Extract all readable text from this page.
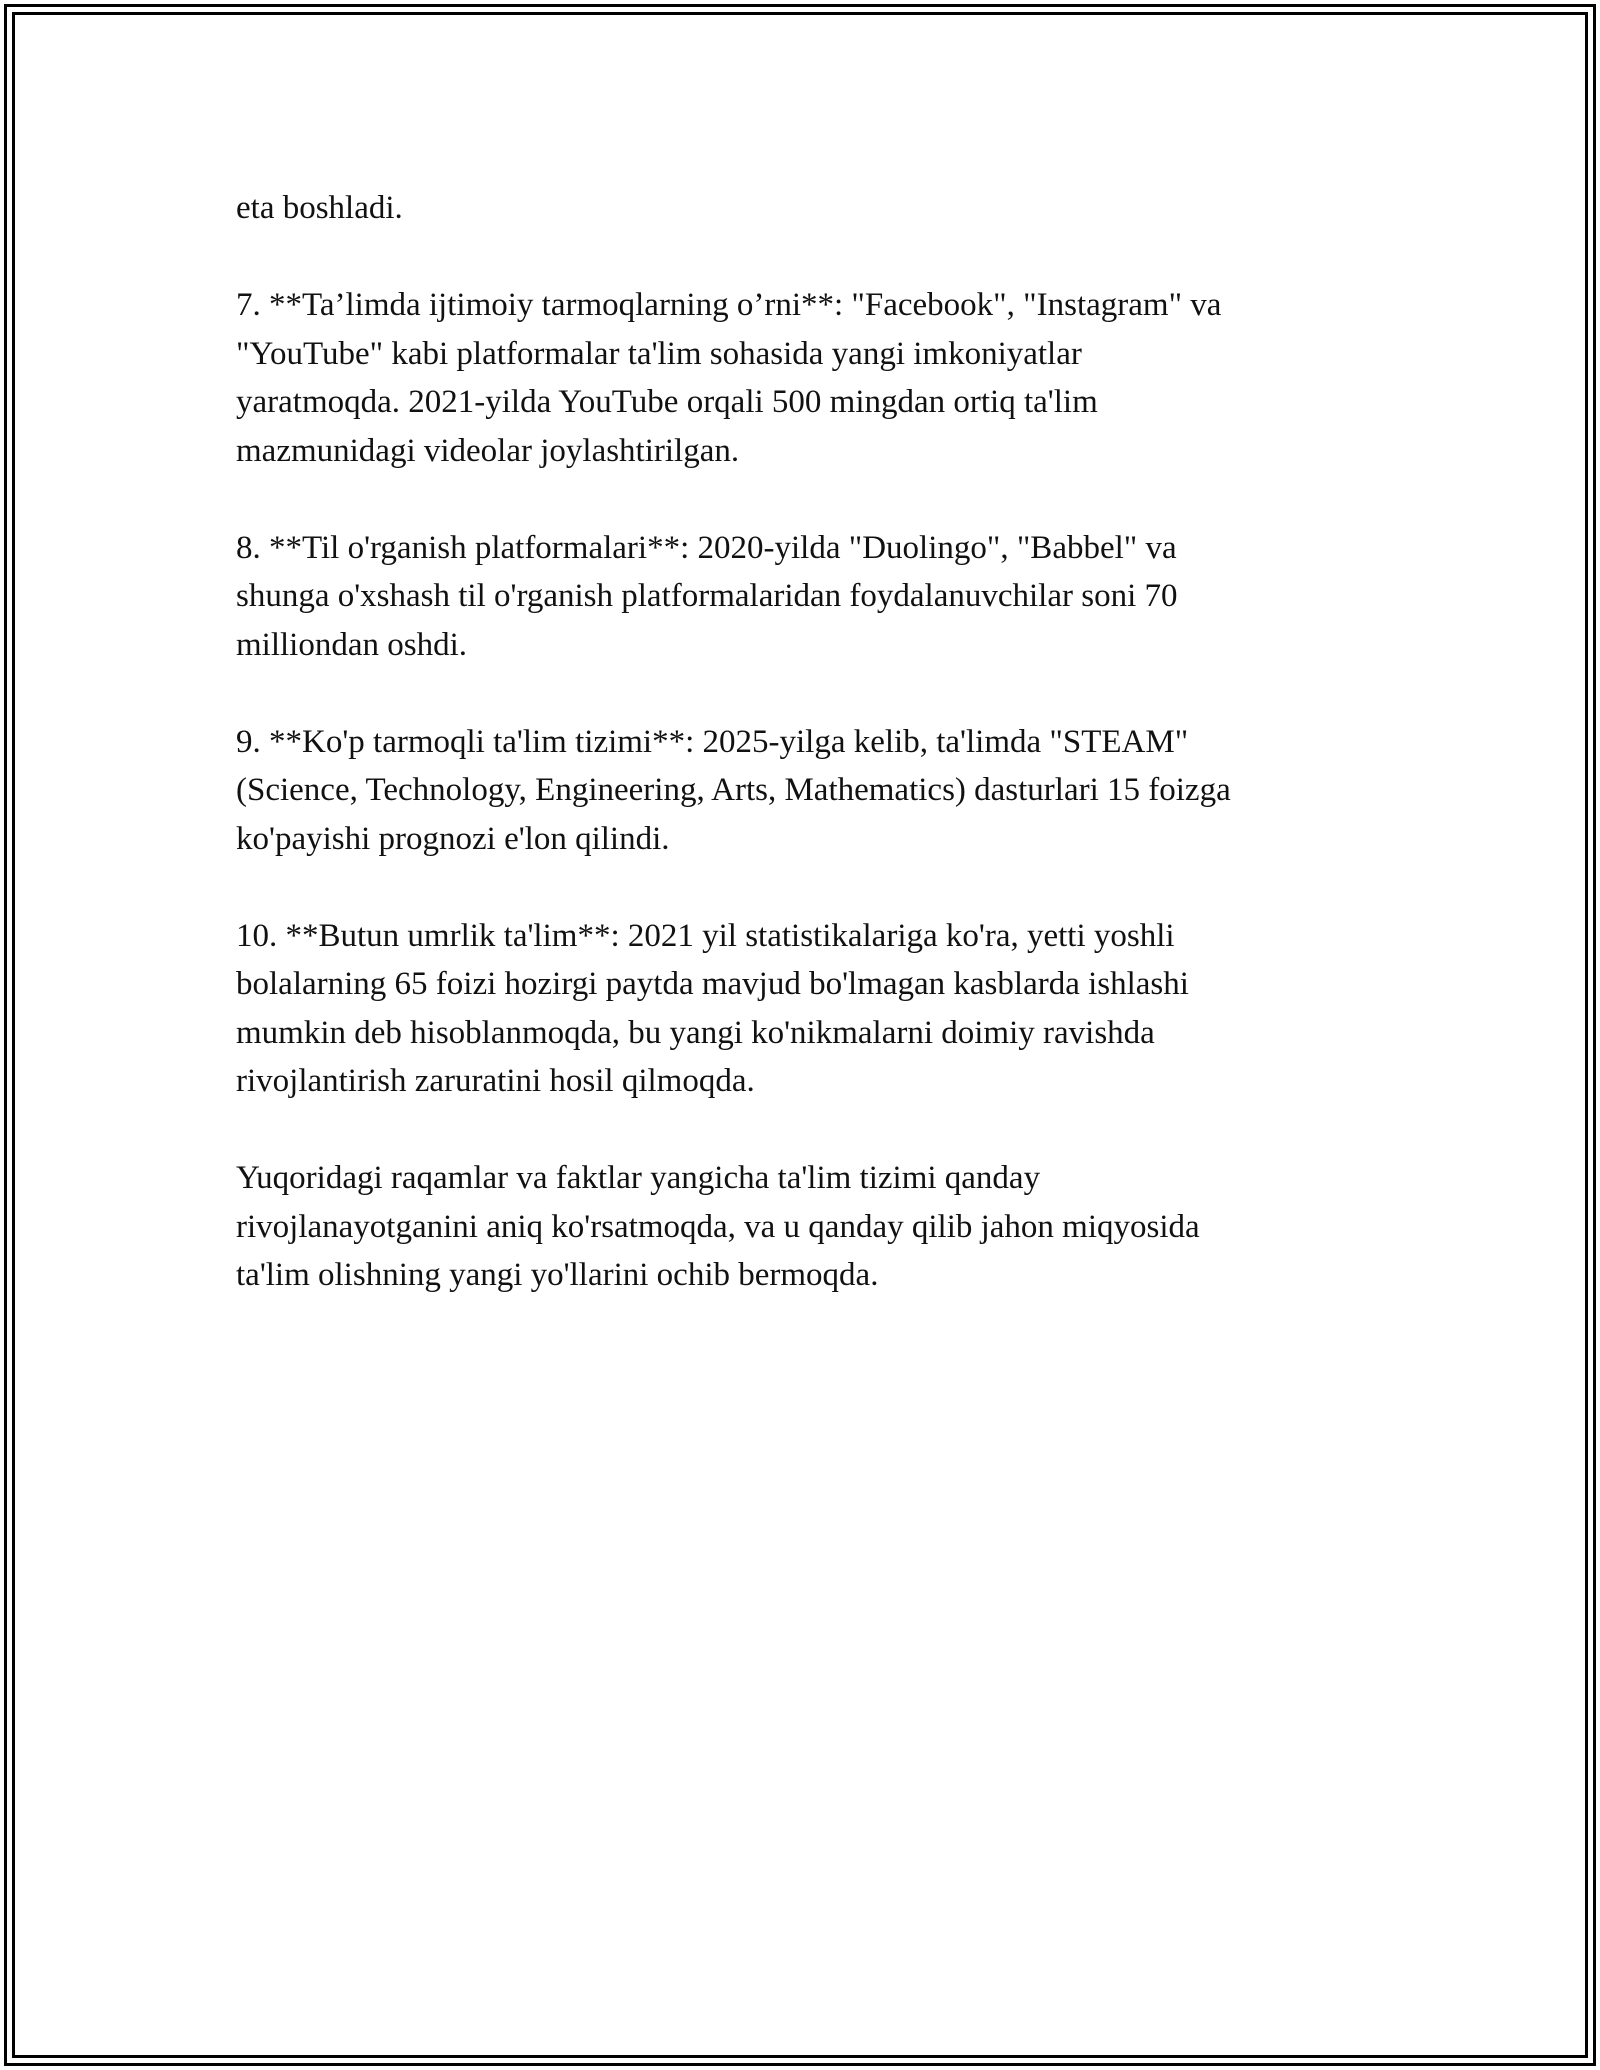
eta boshladi.

7. **Ta’limda ijtimoiy tarmoqlarning o’rni**: "Facebook", "Instagram" va
"YouTube" kabi platformalar ta'lim sohasida yangi imkoniyatlar
yaratmoqda. 2021-yilda YouTube orqali 500 mingdan ortiq ta'lim
mazmunidagi videolar joylashtirilgan.

8. **Til o'rganish platformalari**: 2020-yilda "Duolingo", "Babbel" va
shunga o'xshash til o'rganish platformalaridan foydalanuvchilar soni 70
milliondan oshdi.

9. **Ko'p tarmoqli ta'lim tizimi**: 2025-yilga kelib, ta'limda "STEAM"
(Science, Technology, Engineering, Arts, Mathematics) dasturlari 15 foizga
ko'payishi prognozi e'lon qilindi.

10. **Butun umrlik ta'lim**: 2021 yil statistikalariga ko'ra, yetti yoshli
bolalarning 65 foizi hozirgi paytda mavjud bo'lmagan kasblarda ishlashi
mumkin deb hisoblanmoqda, bu yangi ko'nikmalarni doimiy ravishda
rivojlantirish zaruratini hosil qilmoqda.

Yuqoridagi raqamlar va faktlar yangicha ta'lim tizimi qanday
rivojlanayotganini aniq ko'rsatmoqda, va u qanday qilib jahon miqyosida
ta'lim olishning yangi yo'llarini ochib bermoqda.
